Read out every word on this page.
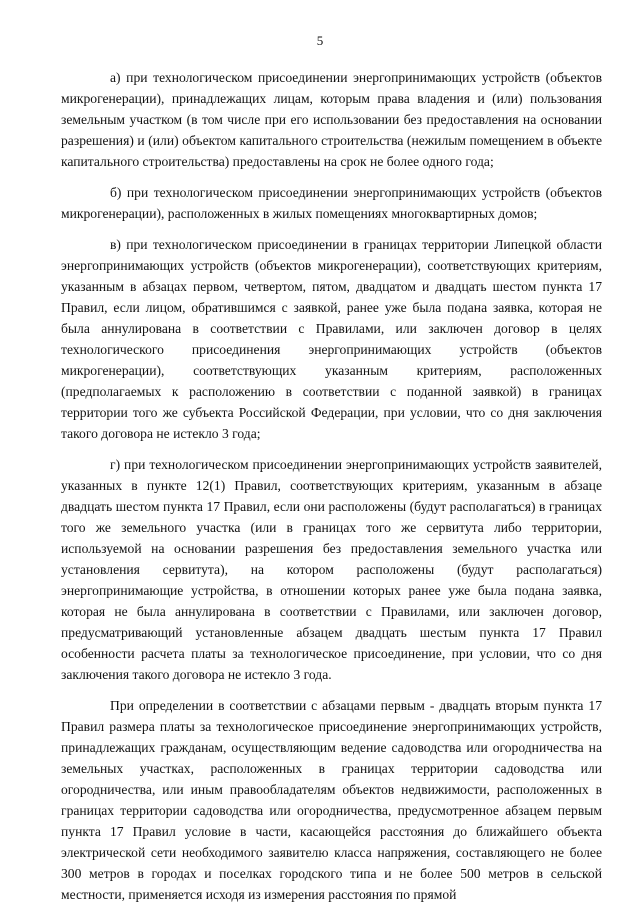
5

а) при технологическом присоединении энергопринимающих устройств (объектов микрогенерации), принадлежащих лицам, которым права владения и (или) пользования земельным участком (в том числе при его использовании без предоставления на основании разрешения) и (или) объектом капитального строительства (нежилым помещением в объекте капитального строительства) предоставлены на срок не более одного года;

б) при технологическом присоединении энергопринимающих устройств (объектов микрогенерации), расположенных в жилых помещениях многоквартирных домов;

в) при технологическом присоединении в границах территории Липецкой области энергопринимающих устройств (объектов микрогенерации), соответствующих критериям, указанным в абзацах первом, четвертом, пятом, двадцатом и двадцать шестом пункта 17 Правил, если лицом, обратившимся с заявкой, ранее уже была подана заявка, которая не была аннулирована в соответствии с Правилами, или заключен договор в целях технологического присоединения энергопринимающих устройств (объектов микрогенерации), соответствующих указанным критериям, расположенных (предполагаемых к расположению в соответствии с поданной заявкой) в границах территории того же субъекта Российской Федерации, при условии, что со дня заключения такого договора не истекло 3 года;

г) при технологическом присоединении энергопринимающих устройств заявителей, указанных в пункте 12(1) Правил, соответствующих критериям, указанным в абзаце двадцать шестом пункта 17 Правил, если они расположены (будут располагаться) в границах того же земельного участка (или в границах того же сервитута либо территории, используемой на основании разрешения без предоставления земельного участка или установления сервитута), на котором расположены (будут располагаться) энергопринимающие устройства, в отношении которых ранее уже была подана заявка, которая не была аннулирована в соответствии с Правилами, или заключен договор, предусматривающий установленные абзацем двадцать шестым пункта 17 Правил особенности расчета платы за технологическое присоединение, при условии, что со дня заключения такого договора не истекло 3 года.

При определении в соответствии с абзацами первым - двадцать вторым пункта 17 Правил размера платы за технологическое присоединение энергопринимающих устройств, принадлежащих гражданам, осуществляющим ведение садоводства или огородничества на земельных участках, расположенных в границах территории садоводства или огородничества, или иным правообладателям объектов недвижимости, расположенных в границах территории садоводства или огородничества, предусмотренное абзацем первым пункта 17 Правил условие в части, касающейся расстояния до ближайшего объекта электрической сети необходимого заявителю класса напряжения, составляющего не более 300 метров в городах и поселках городского типа и не более 500 метров в сельской местности, применяется исходя из измерения расстояния по прямой
